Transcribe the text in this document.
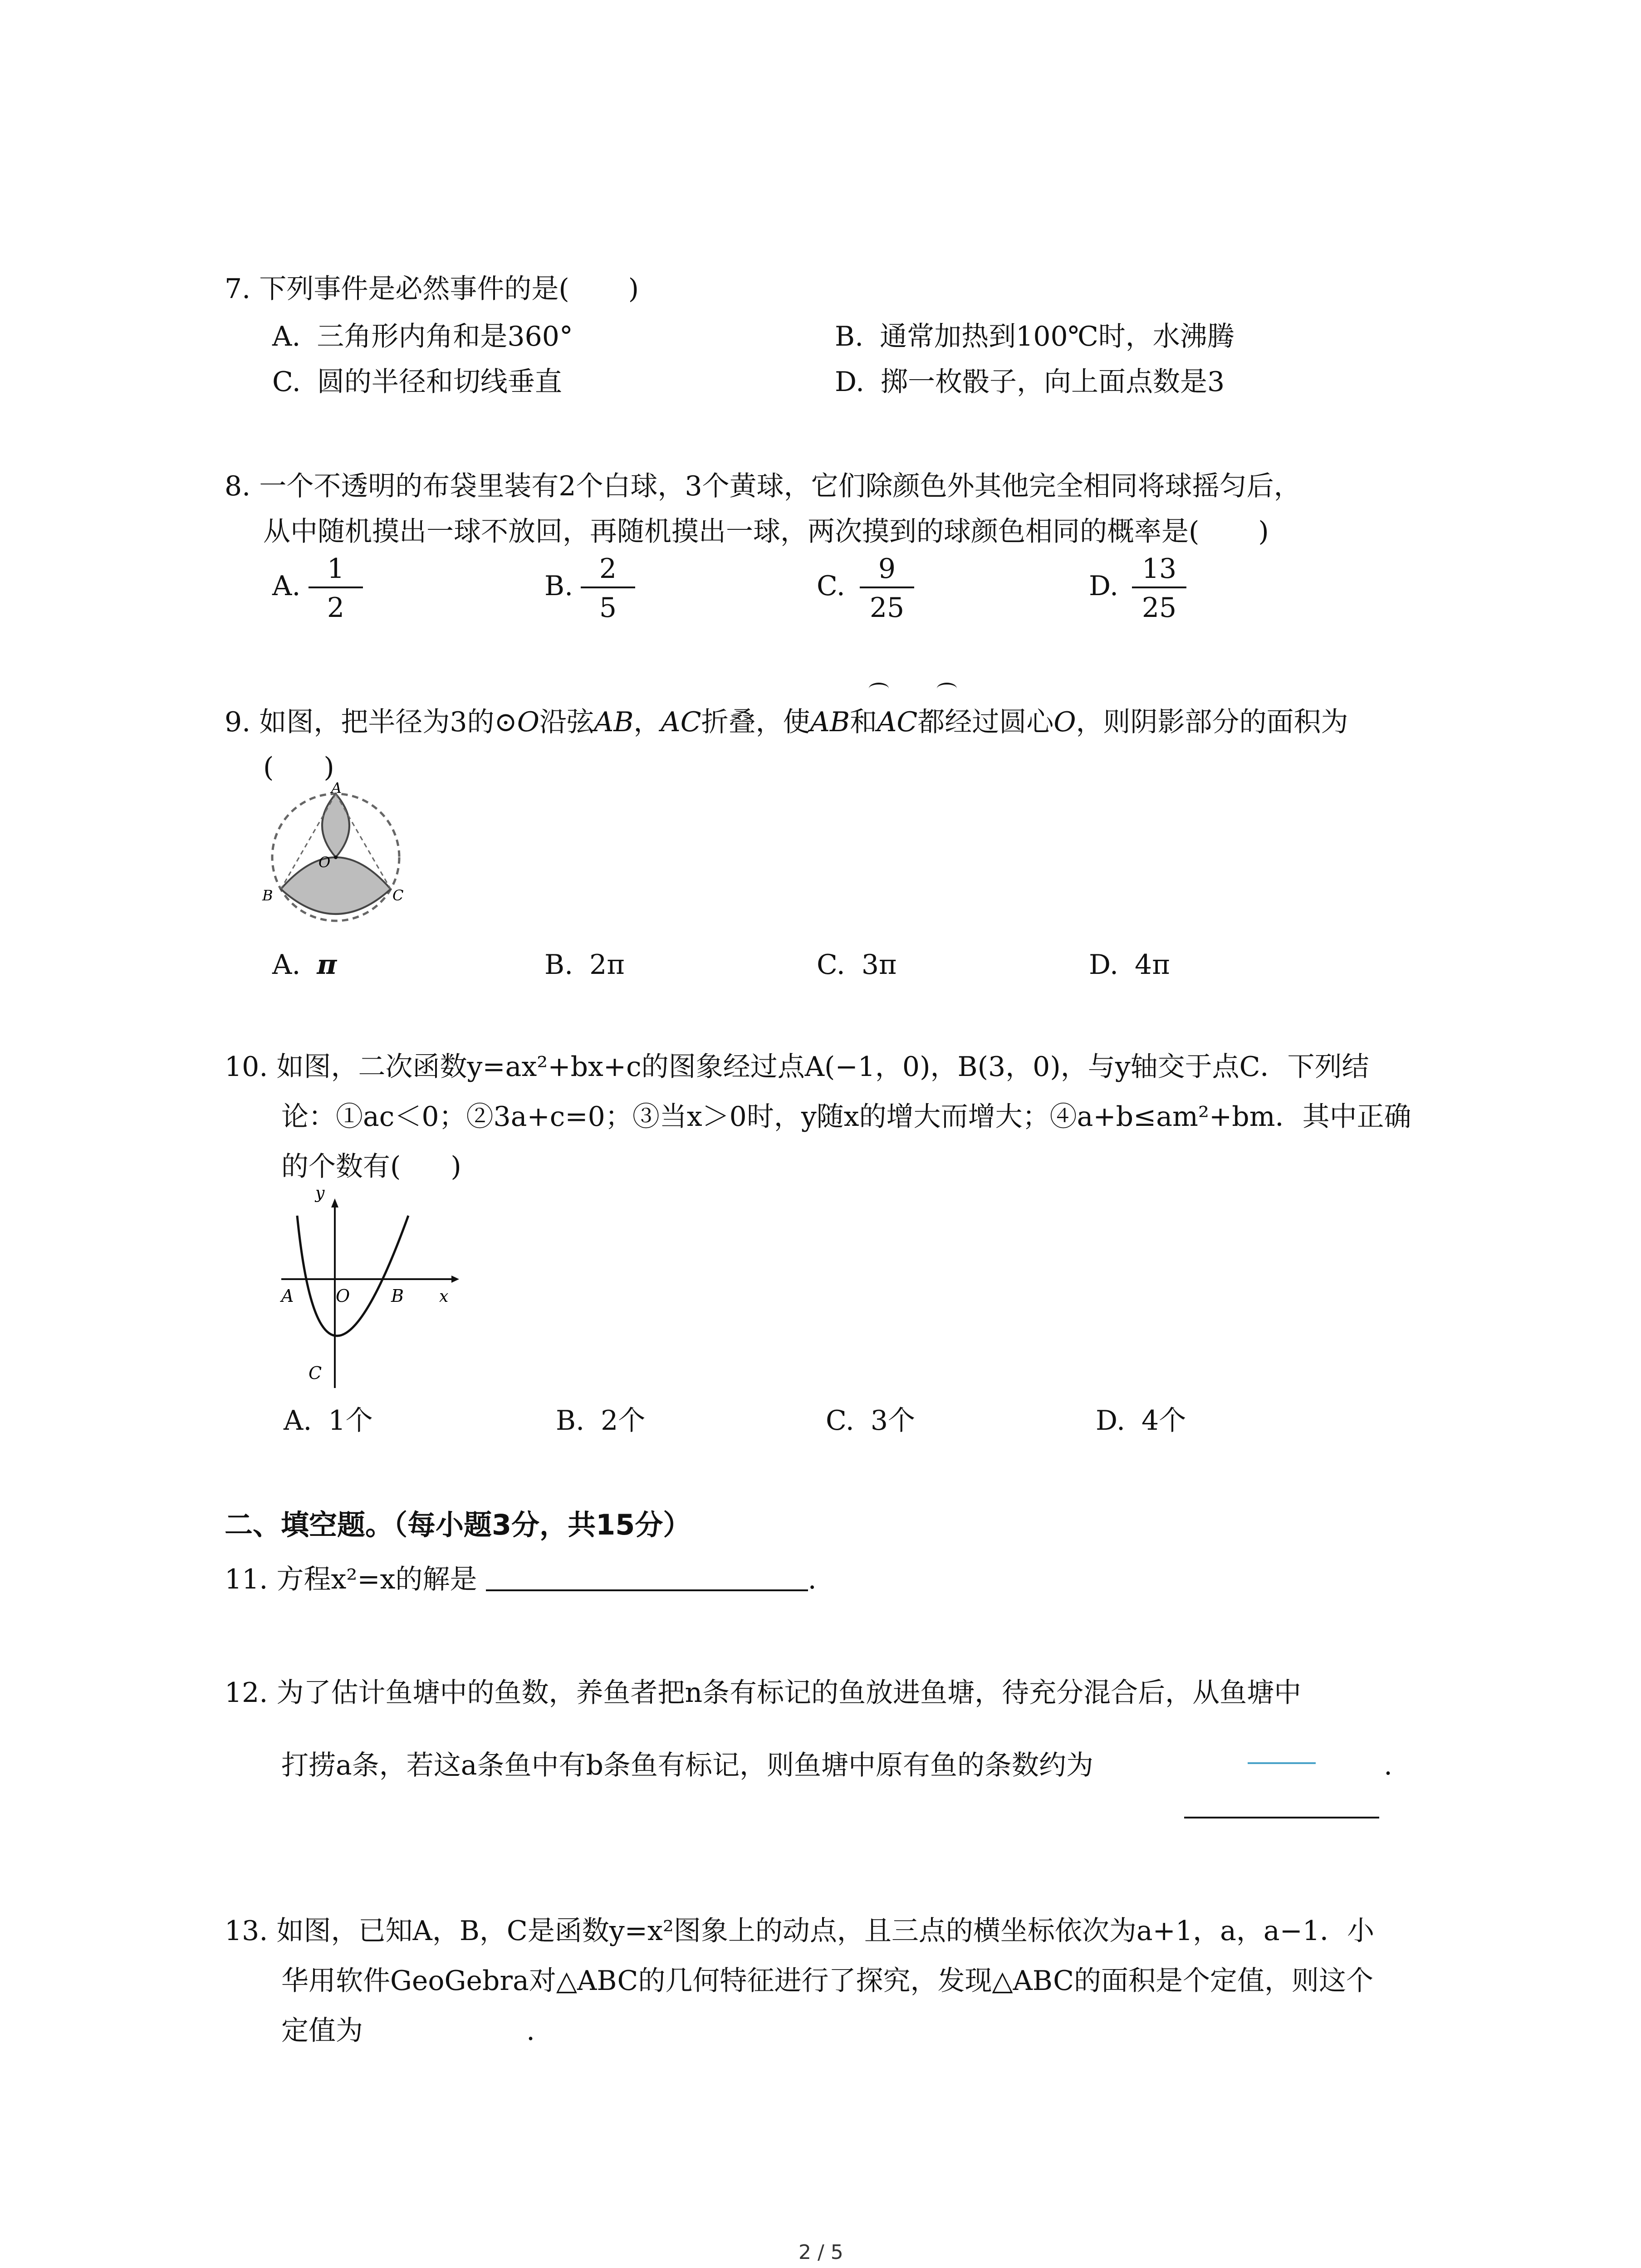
7. 下列事件是必然事件的是( )
A. 三角形内角和是360°	B. 通常加热到100℃时，水沸腾
C. 圆的半径和切线垂直	D. 掷一枚骰子，向上面点数是3
8. 一个不透明的布袋里装有2个白球，3个黄球，它们除颜色外其他完全相同将球摇匀后，
从中随机摸出一球不放回，再随机摸出一球，两次摸到的球颜色相同的概率是( )
A. $\frac{1}{2}$	B. $\frac{2}{5}$	C. $\frac{9}{25}$	D. $\frac{13}{25}$
9. 如图，把半径为3的⊙O沿弦AB，AC折叠，使AB和AC都经过圆心O，则阴影部分的面积为
( )
A
B	C
O
A. π	B. 2π	C. 3π	D. 4π
10. 如图，二次函数y=ax²+bx+c的图象经过点A(−1，0)，B(3，0)，与y轴交于点C．下列结
论：①ac＜0；②3a+c=0；③当x＞0时，y随x的增大而增大；④a+b≤am²+bm．其中正确
的个数有( )
y
x
A O B
C
A. 1个	B. 2个	C. 3个	D. 4个
二、填空题。（每小题3分，共15分）
11. 方程x²=x的解是	.
12. 为了估计鱼塘中的鱼数，养鱼者把n条有标记的鱼放进鱼塘，待充分混合后，从鱼塘中
打捞a条，若这a条鱼中有b条鱼有标记，则鱼塘中原有鱼的条数约为	.
13. 如图，已知A，B，C是函数y=x²图象上的动点，且三点的横坐标依次为a+1，a，a−1．小
华用软件GeoGebra对△ABC的几何特征进行了探究，发现△ABC的面积是个定值，则这个
定值为	.
2 / 5
